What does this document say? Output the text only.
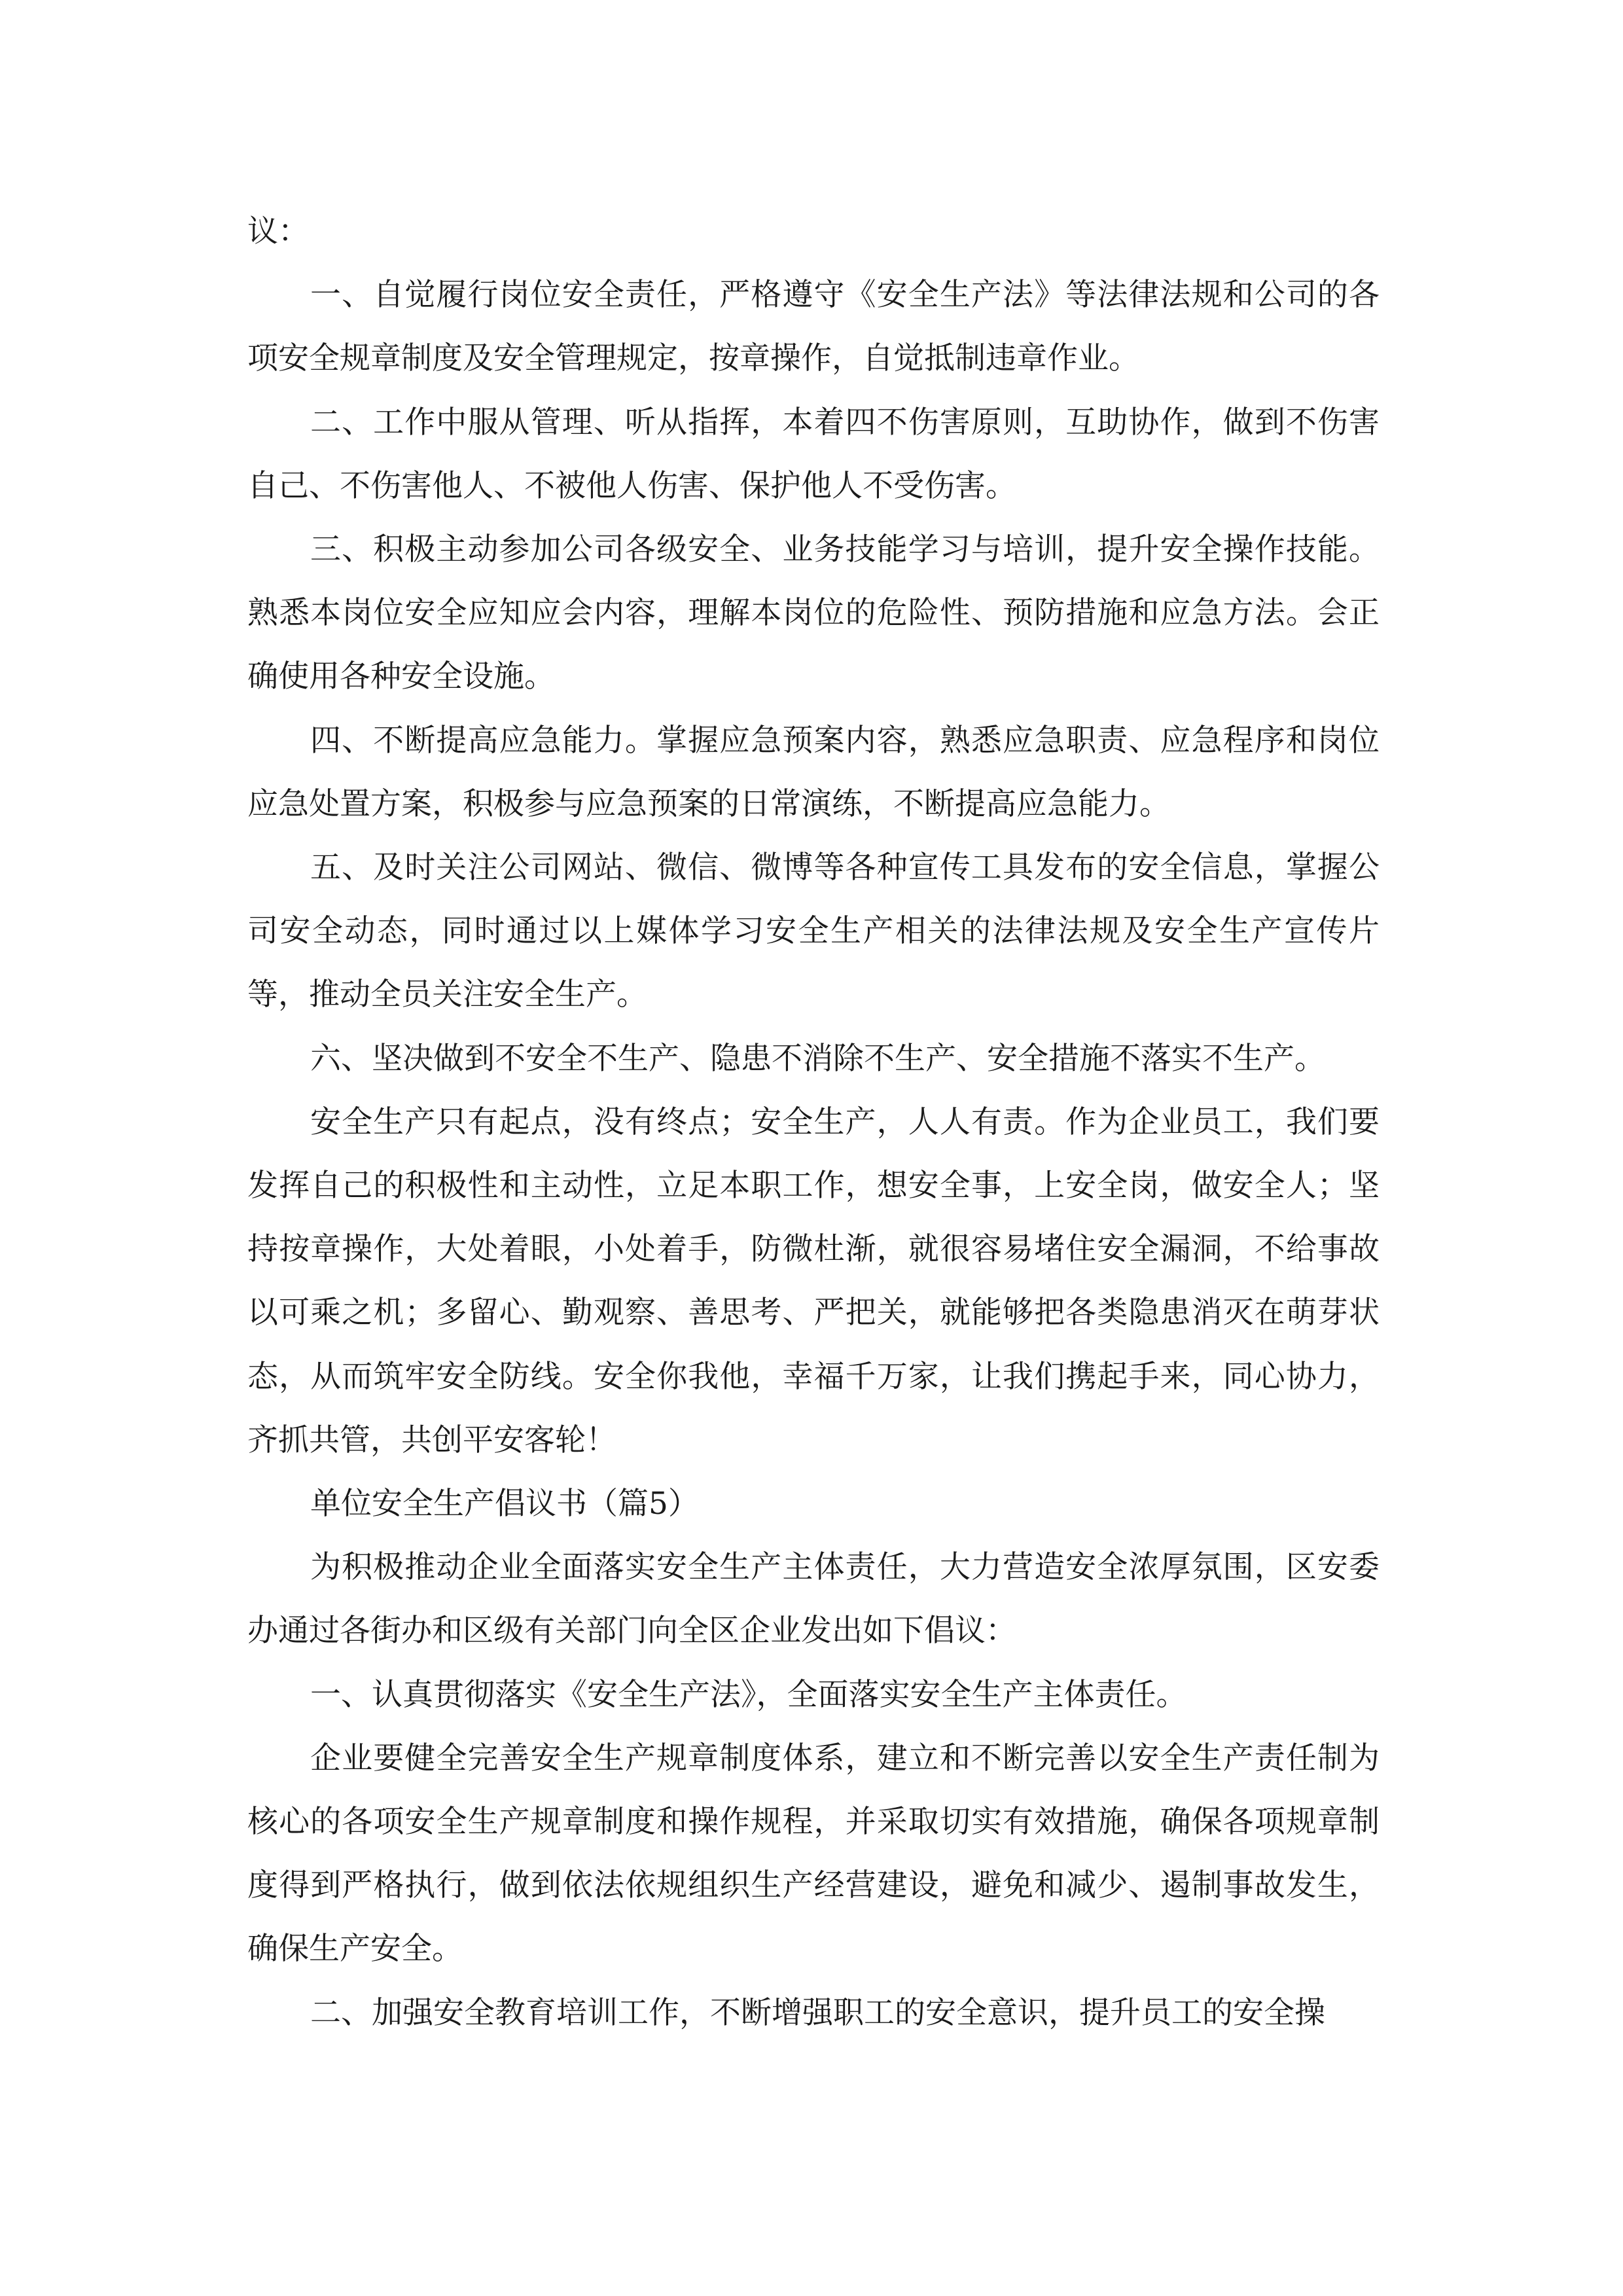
议：

一、自觉履行岗位安全责任，严格遵守《安全生产法》等法律法规和公司的各项安全规章制度及安全管理规定，按章操作，自觉抵制违章作业。

二、工作中服从管理、听从指挥，本着四不伤害原则，互助协作，做到不伤害自己、不伤害他人、不被他人伤害、保护他人不受伤害。

三、积极主动参加公司各级安全、业务技能学习与培训，提升安全操作技能。熟悉本岗位安全应知应会内容，理解本岗位的危险性、预防措施和应急方法。会正确使用各种安全设施。

四、不断提高应急能力。掌握应急预案内容，熟悉应急职责、应急程序和岗位应急处置方案，积极参与应急预案的日常演练，不断提高应急能力。

五、及时关注公司网站、微信、微博等各种宣传工具发布的安全信息，掌握公司安全动态，同时通过以上媒体学习安全生产相关的法律法规及安全生产宣传片等，推动全员关注安全生产。

六、坚决做到不安全不生产、隐患不消除不生产、安全措施不落实不生产。

安全生产只有起点，没有终点；安全生产，人人有责。作为企业员工，我们要发挥自己的积极性和主动性，立足本职工作，想安全事，上安全岗，做安全人；坚持按章操作，大处着眼，小处着手，防微杜渐，就很容易堵住安全漏洞，不给事故以可乘之机；多留心、勤观察、善思考、严把关，就能够把各类隐患消灭在萌芽状态，从而筑牢安全防线。安全你我他，幸福千万家，让我们携起手来，同心协力，齐抓共管，共创平安客轮！

单位安全生产倡议书（篇5）

为积极推动企业全面落实安全生产主体责任，大力营造安全浓厚氛围，区安委办通过各街办和区级有关部门向全区企业发出如下倡议：

一、认真贯彻落实《安全生产法》，全面落实安全生产主体责任。

企业要健全完善安全生产规章制度体系，建立和不断完善以安全生产责任制为核心的各项安全生产规章制度和操作规程，并采取切实有效措施，确保各项规章制度得到严格执行，做到依法依规组织生产经营建设，避免和减少、遏制事故发生，确保生产安全。

二、加强安全教育培训工作，不断增强职工的安全意识，提升员工的安全操
